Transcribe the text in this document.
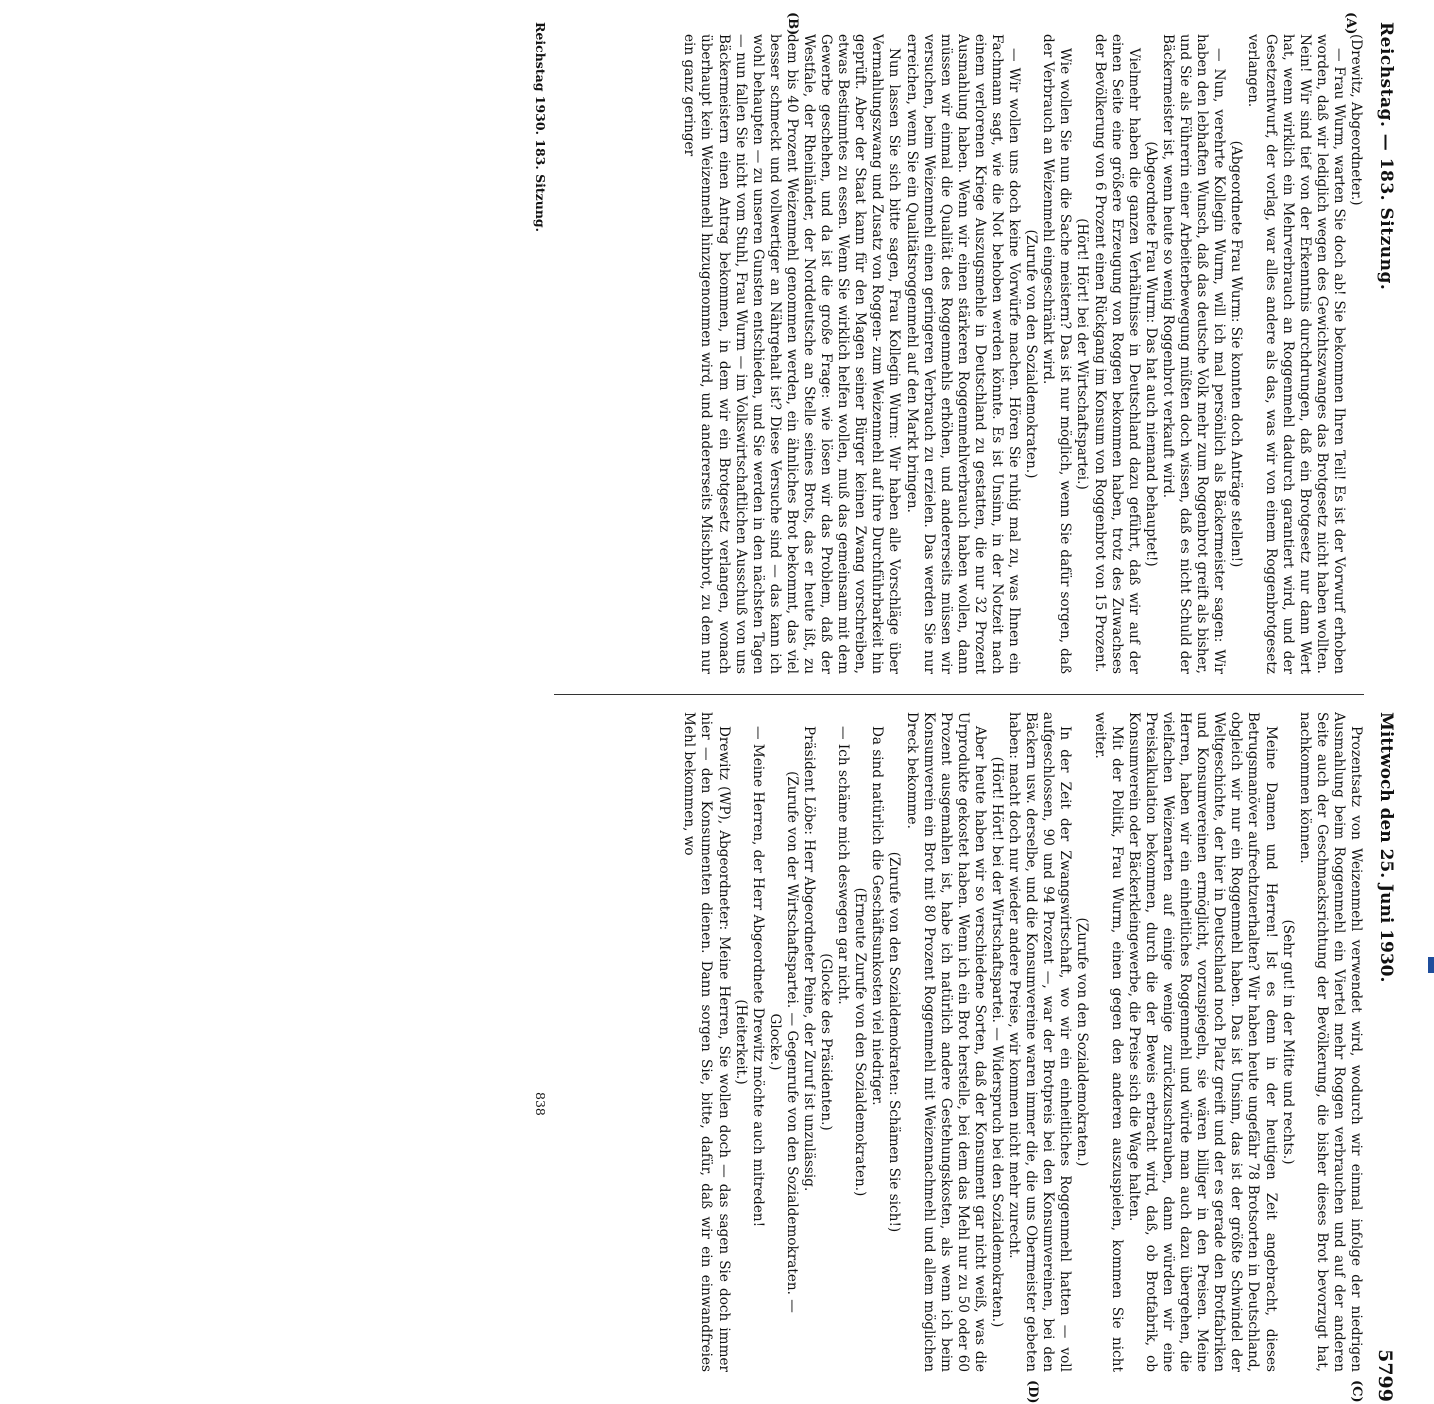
Reichstag. — 183. Sitzung.
Mittwoch den 25. Juni 1930.
5799
(A)
(B)

(Drewitz, Abgeordneter.)

— Frau Wurm, warten Sie doch ab! Sie bekommen Ihren Teil! Es ist der Vorwurf erhoben worden, daß wir lediglich wegen des Gewichtszwanges das Brotgesetz nicht haben wollten. Nein! Wir sind tief von der Erkenntnis durchdrungen, daß ein Brotgesetz nur dann Wert hat, wenn wirklich ein Mehrverbrauch an Roggenmehl dadurch garantiert wird, und der Gesetzentwurf, der vorlag, war alles andere als das, was wir von einem Roggenbrotgesetz verlangen.

(Abgeordnete Frau Wurm: Sie konnten doch Anträge stellen!)

— Nun, verehrte Kollegin Wurm, will ich mal persönlich als Bäckermeister sagen: Wir haben den lebhaften Wunsch, daß das deutsche Volk mehr zum Roggenbrot greift als bisher, und Sie als Führerin einer Arbeiterbewegung müßten doch wissen, daß es nicht Schuld der Bäckermeister ist, wenn heute so wenig Roggenbrot verkauft wird.

(Abgeordnete Frau Wurm: Das hat auch niemand behauptet!)

Vielmehr haben die ganzen Verhältnisse in Deutschland dazu geführt, daß wir auf der einen Seite eine größere Erzeugung von Roggen bekommen haben, trotz des Zuwachses der Bevölkerung von 6 Prozent einen Rückgang im Konsum von Roggenbrot von 15 Prozent.

(Hört! Hört! bei der Wirtschaftspartei.)

Wie wollen Sie nun die Sache meistern? Das ist nur möglich, wenn Sie dafür sorgen, daß der Verbrauch an Weizenmehl eingeschränkt wird.

(Zurufe von den Sozialdemokraten.)

— Wir wollen uns doch keine Vorwürfe machen. Hören Sie ruhig mal zu, was Ihnen ein Fachmann sagt, wie die Not behoben werden könnte. Es ist Unsinn, in der Notzeit nach einem verlorenen Kriege Auszugsmehle in Deutschland zu gestatten, die nur 32 Prozent Ausmahlung haben. Wenn wir einen stärkeren Roggenmehlverbrauch haben wollen, dann müssen wir einmal die Qualität des Roggenmehls erhöhen, und andererseits müssen wir versuchen, beim Weizenmehl einen geringeren Verbrauch zu erzielen. Das werden Sie nur erreichen, wenn Sie ein Qualitätsroggenmehl auf den Markt bringen.

Nun lassen Sie sich bitte sagen, Frau Kollegin Wurm: Wir haben alle Vorschläge über Vermahlungszwang und Zusatz von Roggen- zum Weizenmehl auf ihre Durchführbarkeit hin geprüft. Aber der Staat kann für den Magen seiner Bürger keinen Zwang vorschreiben, etwas Bestimmtes zu essen. Wenn Sie wirklich helfen wollen, muß das gemeinsam mit dem Gewerbe geschehen, und da ist die große Frage: wie lösen wir das Problem, daß der Westfale, der Rheinländer, der Norddeutsche an Stelle seines Brots, das er heute ißt, zu dem bis 40 Prozent Weizenmehl genommen werden, ein ähnliches Brot bekommt, das viel besser schmeckt und vollwertiger an Nährgehalt ist? Diese Versuche sind — das kann ich wohl behaupten — zu unseren Gunsten entschieden, und Sie werden in den nächsten Tagen — nun fallen Sie nicht vom Stuhl, Frau Wurm — im Volkswirtschaftlichen Ausschuß von uns Bäckermeistern einen Antrag bekommen, in dem wir ein Brotgesetz verlangen, wonach überhaupt kein Weizenmehl hinzugenommen wird, und andererseits Mischbrot, zu dem nur ein ganz geringer

Prozentsatz von Weizenmehl verwendet wird, wodurch wir einmal infolge der niedrigen Ausmahlung beim Roggenmehl ein Viertel mehr Roggen verbrauchen und auf der anderen Seite auch der Geschmacksrichtung der Bevölkerung, die bisher dieses Brot bevorzugt hat, nachkommen können.

(Sehr gut! in der Mitte und rechts.)

Meine Damen und Herren! Ist es denn in der heutigen Zeit angebracht, dieses Betrugsmanöver aufrechtzuerhalten? Wir haben heute ungefähr 78 Brotsorten in Deutschland, obgleich wir nur ein Roggenmehl haben. Das ist Unsinn, das ist der größte Schwindel der Weltgeschichte, der hier in Deutschland noch Platz greift und der es gerade den Brotfabriken und Konsumvereinen ermöglicht, vorzuspiegeln, sie wären billiger in den Preisen. Meine Herren, haben wir ein einheitliches Roggenmehl und würde man auch dazu übergehen, die vielfachen Weizenarten auf einige wenige zurückzuschrauben, dann würden wir eine Preiskalkulation bekommen, durch die der Beweis erbracht wird, daß, ob Brotfabrik, ob Konsumverein oder Bäckerkleingewerbe, die Preise sich die Wage halten.

Mit der Politik, Frau Wurm, einen gegen den anderen auszuspielen, kommen Sie nicht weiter.

(Zurufe von den Sozialdemokraten.)

In der Zeit der Zwangswirtschaft, wo wir ein einheitliches Roggenmehl hatten — voll aufgeschlossen, 90 und 94 Prozent —, war der Brotpreis bei den Konsumvereinen, bei den Bäckern usw. derselbe, und die Konsumvereine waren immer die, die uns Obermeister gebeten haben: macht doch nur wieder andere Preise, wir kommen nicht mehr zurecht.

(Hört! Hört! bei der Wirtschaftspartei. — Widerspruch bei den Sozialdemokraten.)

Aber heute haben wir so verschiedene Sorten, daß der Konsument gar nicht weiß, was die Urprodukte gekostet haben. Wenn ich ein Brot herstelle, bei dem das Mehl nur zu 50 oder 60 Prozent ausgemahlen ist, habe ich natürlich andere Gestehungskosten, als wenn ich beim Konsumverein ein Brot mit 80 Prozent Roggenmehl mit Weizennachmehl und allem möglichen Dreck bekomme.

(Zurufe von den Sozialdemokraten: Schämen Sie sich!)

Da sind natürlich die Geschäftsunkosten viel niedriger.

(Erneute Zurufe von den Sozialdemokraten.)

— Ich schäme mich deswegen gar nicht.

(Glocke des Präsidenten.)

Präsident Löbe: Herr Abgeordneter Peine, der Zuruf ist unzulässig.

(Zurufe von der Wirtschaftspartei. — Gegenrufe von den Sozialdemokraten. — Glocke.)

— Meine Herren, der Herr Abgeordnete Drewitz möchte auch mitreden!

(Heiterkeit.)

Drewitz (WP), Abgeordneter: Meine Herren, Sie wollen doch — das sagen Sie doch immer hier — den Konsumenten dienen. Dann sorgen Sie, bitte, dafür, daß wir ein einwandfreies Mehl bekommen, wo

(C)
(D)
Reichstag 1930. 183. Sitzung.
838
